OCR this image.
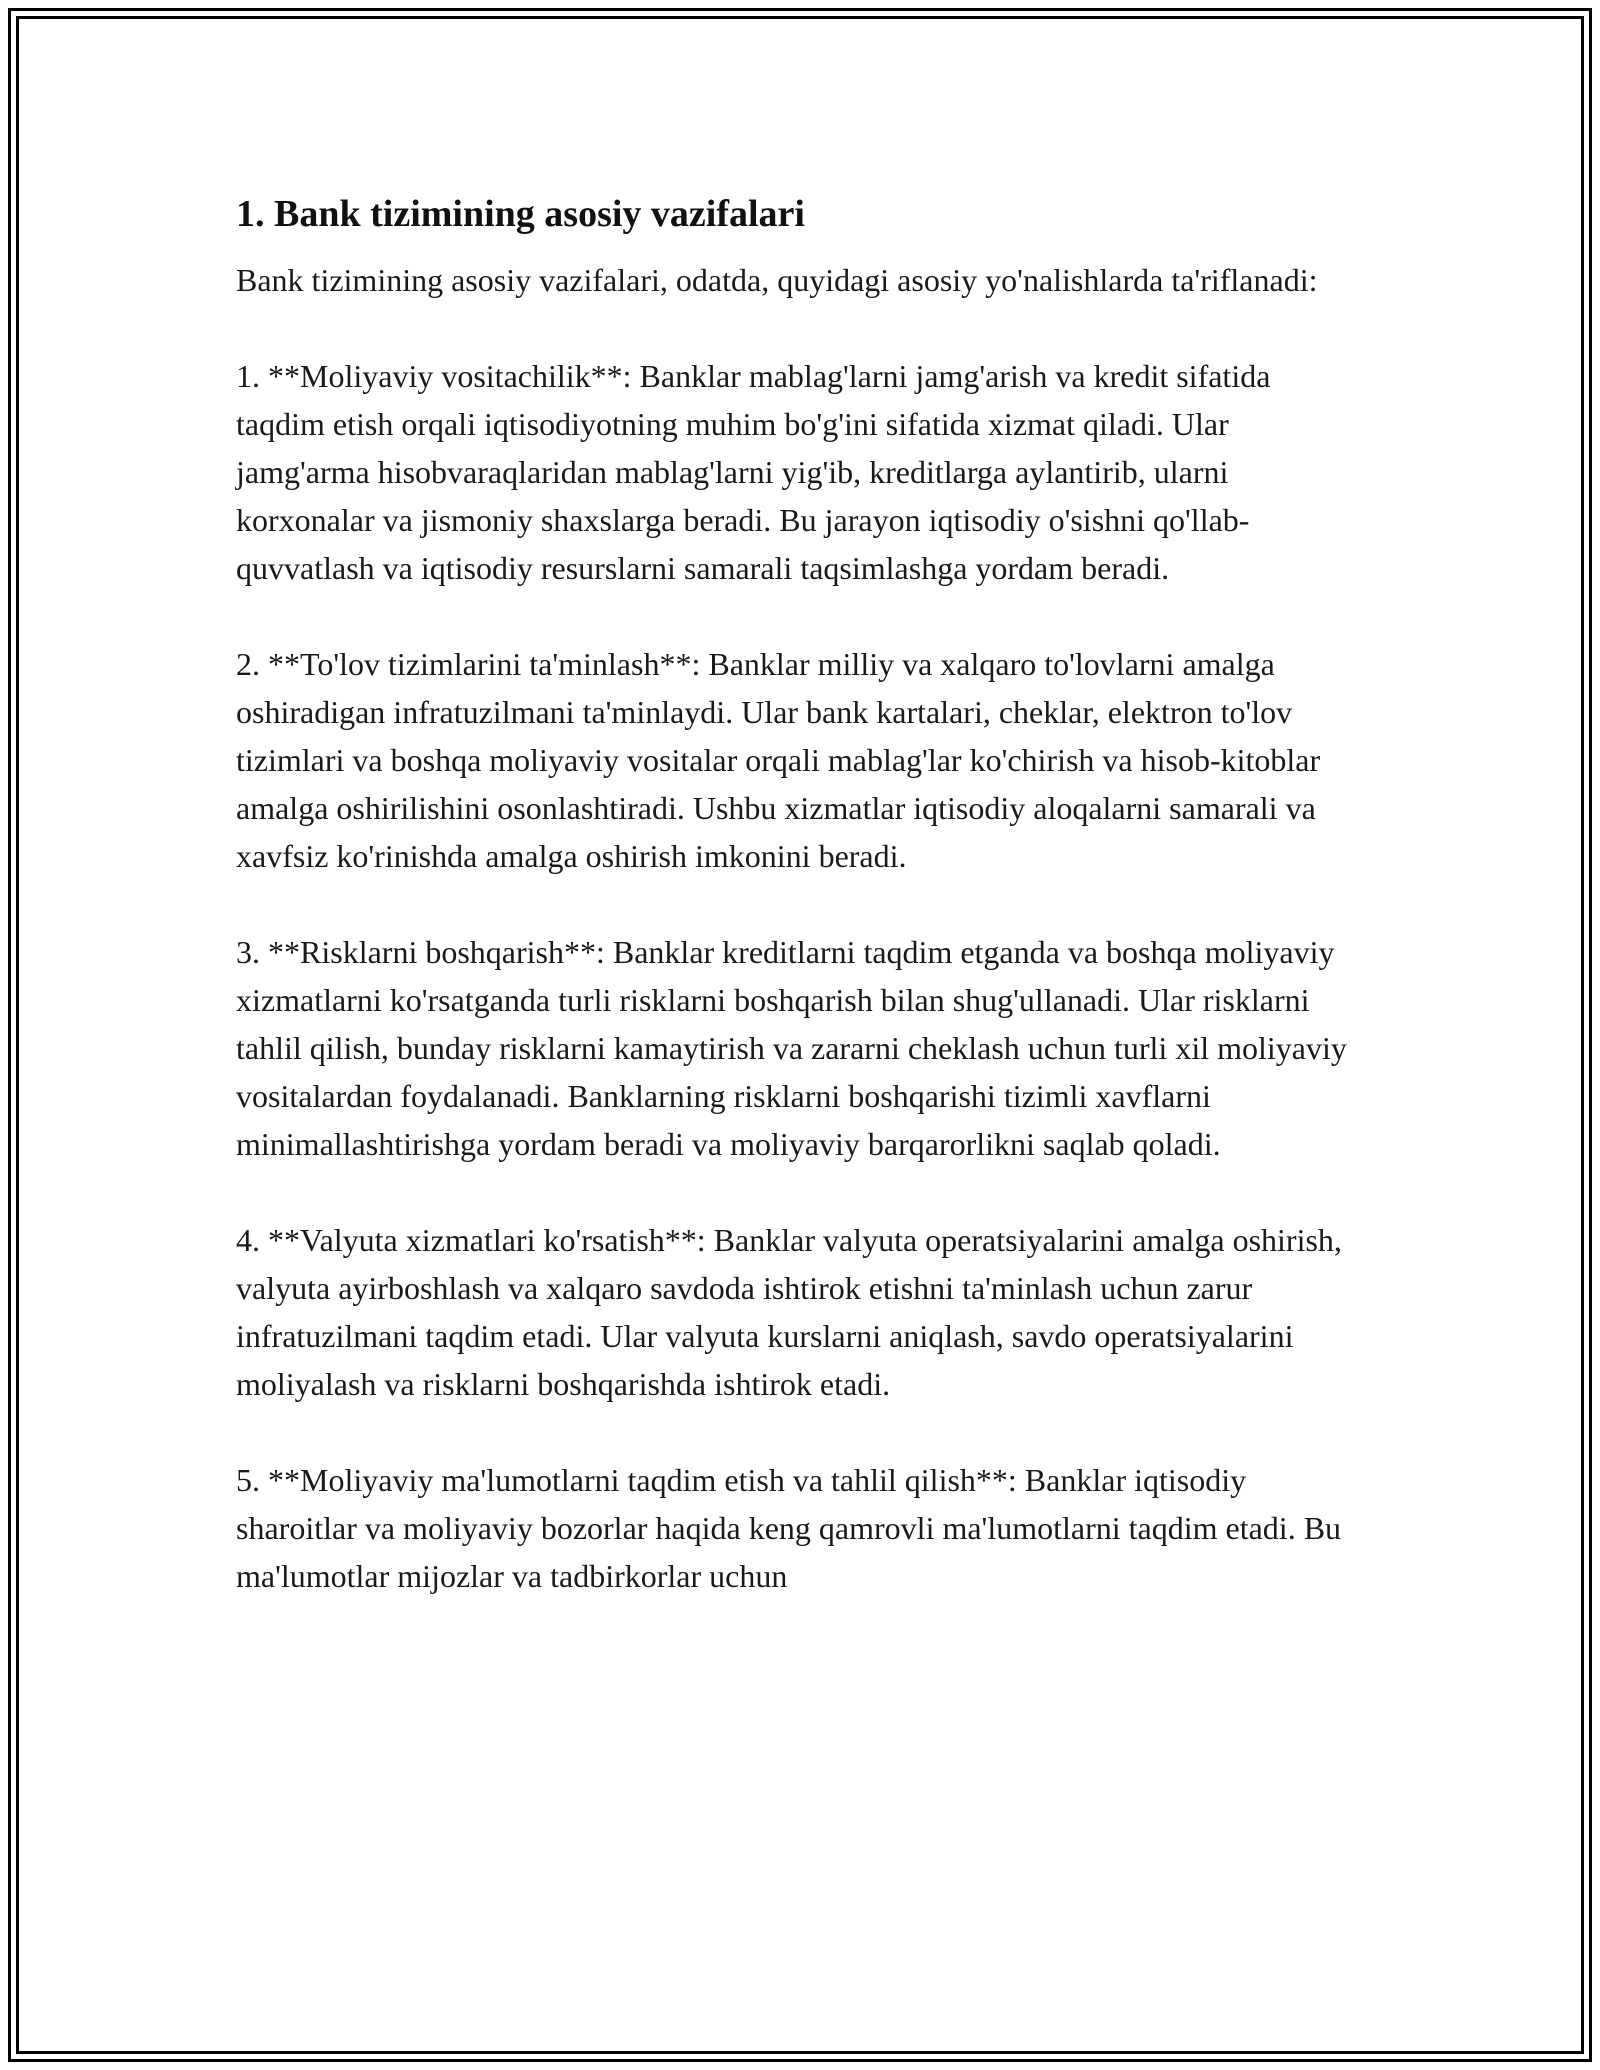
1. Bank tizimining asosiy vazifalari

Bank tizimining asosiy vazifalari, odatda, quyidagi asosiy yo'nalishlarda ta'riflanadi:

1. **Moliyaviy vositachilik**: Banklar mablag'larni jamg'arish va kredit sifatida taqdim etish orqali iqtisodiyotning muhim bo'g'ini sifatida xizmat qiladi. Ular jamg'arma hisobvaraqlaridan mablag'larni yig'ib, kreditlarga aylantirib, ularni korxonalar va jismoniy shaxslarga beradi. Bu jarayon iqtisodiy o'sishni qo'llab-quvvatlash va iqtisodiy resurslarni samarali taqsimlashga yordam beradi.

2. **To'lov tizimlarini ta'minlash**: Banklar milliy va xalqaro to'lovlarni amalga oshiradigan infratuzilmani ta'minlaydi. Ular bank kartalari, cheklar, elektron to'lov tizimlari va boshqa moliyaviy vositalar orqali mablag'lar ko'chirish va hisob-kitoblar amalga oshirilishini osonlashtiradi. Ushbu xizmatlar iqtisodiy aloqalarni samarali va xavfsiz ko'rinishda amalga oshirish imkonini beradi.

3. **Risklarni boshqarish**: Banklar kreditlarni taqdim etganda va boshqa moliyaviy xizmatlarni ko'rsatganda turli risklarni boshqarish bilan shug'ullanadi. Ular risklarni tahlil qilish, bunday risklarni kamaytirish va zararni cheklash uchun turli xil moliyaviy vositalardan foydalanadi. Banklarning risklarni boshqarishi tizimli xavflarni minimallashtirishga yordam beradi va moliyaviy barqarorlikni saqlab qoladi.

4. **Valyuta xizmatlari ko'rsatish**: Banklar valyuta operatsiyalarini amalga oshirish, valyuta ayirboshlash va xalqaro savdoda ishtirok etishni ta'minlash uchun zarur infratuzilmani taqdim etadi. Ular valyuta kurslarni aniqlash, savdo operatsiyalarini moliyalash va risklarni boshqarishda ishtirok etadi.

5. **Moliyaviy ma'lumotlarni taqdim etish va tahlil qilish**: Banklar iqtisodiy sharoitlar va moliyaviy bozorlar haqida keng qamrovli ma'lumotlarni taqdim etadi. Bu ma'lumotlar mijozlar va tadbirkorlar uchun
